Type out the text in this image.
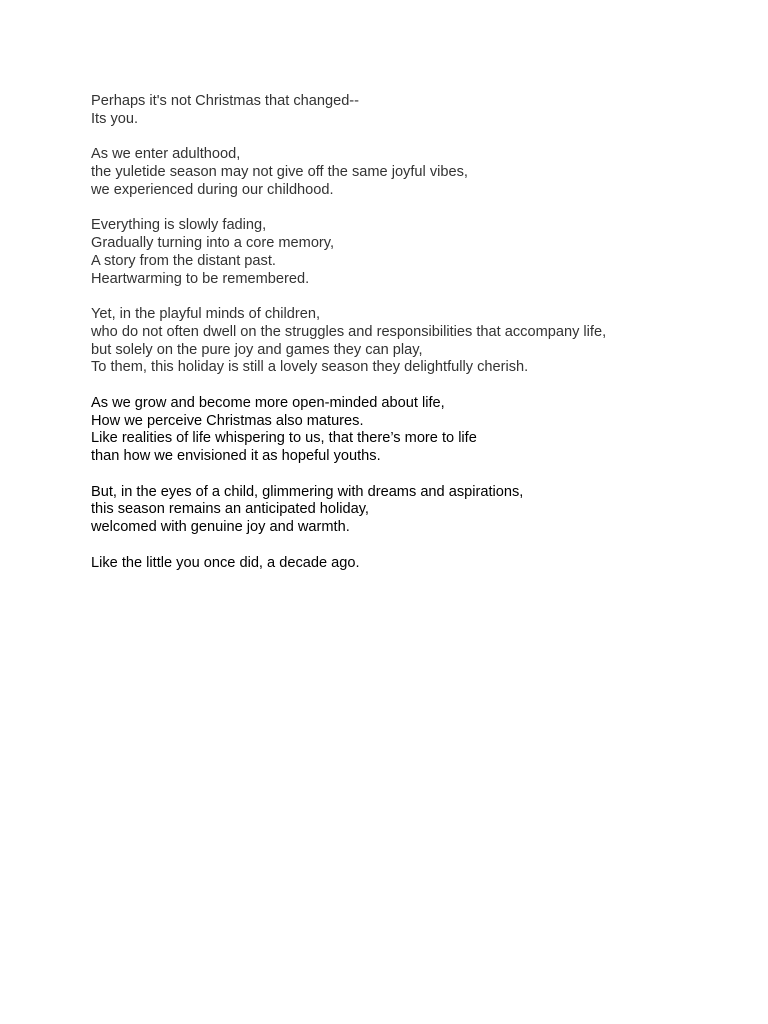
Perhaps it's not Christmas that changed--
Its you.
As we enter adulthood,
the yuletide season may not give off the same joyful vibes,
we experienced during our childhood.
Everything is slowly fading,
Gradually turning into a core memory,
A story from the distant past.
Heartwarming to be remembered.
Yet, in the playful minds of children,
who do not often dwell on the struggles and responsibilities that accompany life,
but solely on the pure joy and games they can play,
To them, this holiday is still a lovely season they delightfully cherish.
As we grow and become more open-minded about life,
How we perceive Christmas also matures.
Like realities of life whispering to us, that there’s more to life
than how we envisioned it as hopeful youths.
But, in the eyes of a child, glimmering with dreams and aspirations,
this season remains an anticipated holiday,
welcomed with genuine joy and warmth.
Like the little you once did, a decade ago.
